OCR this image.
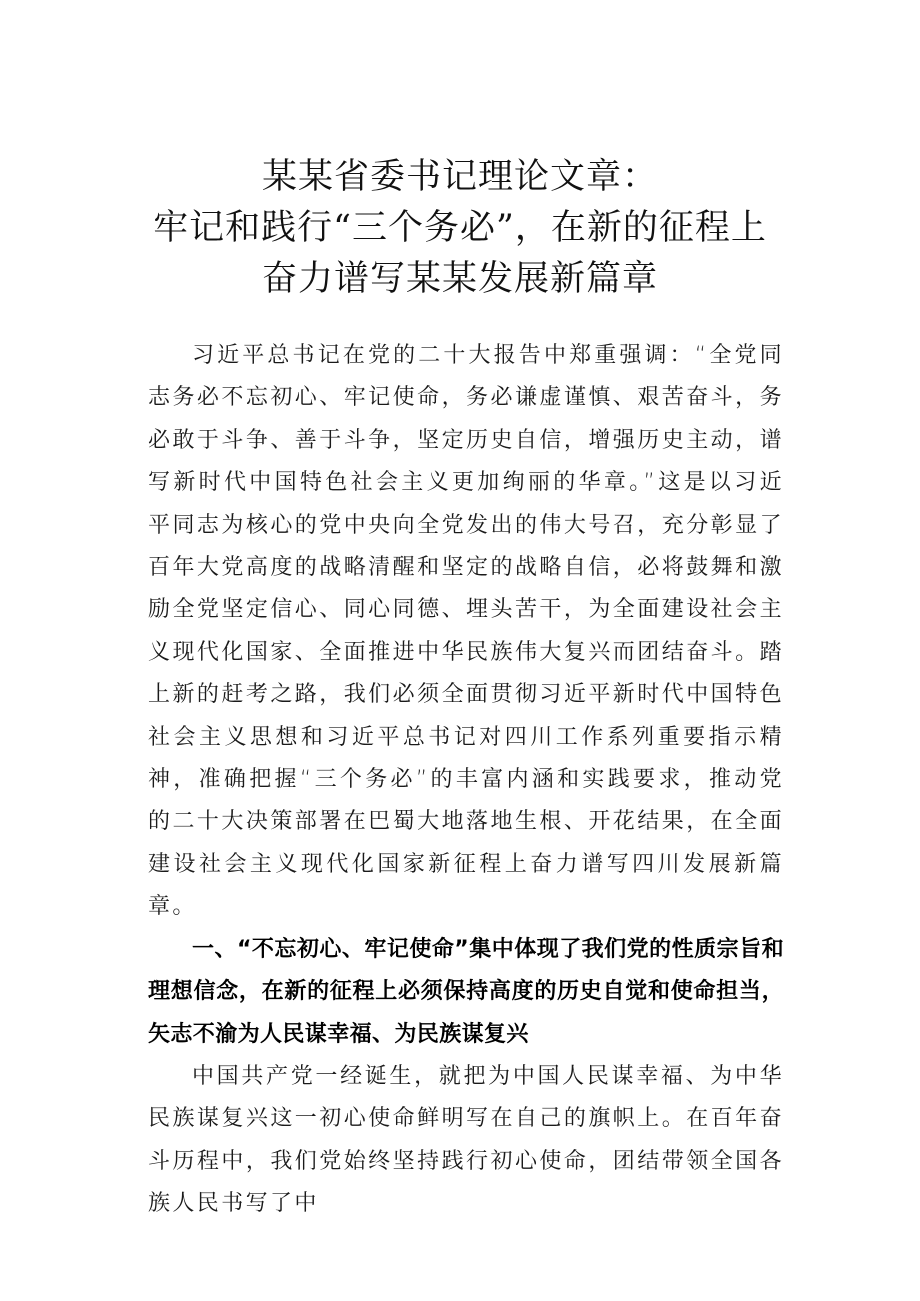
某某省委书记理论文章：
牢记和践行“三个务必”，在新的征程上
奋力谱写某某发展新篇章

习近平总书记在党的二十大报告中郑重强调：“全党同志务必不忘初心、牢记使命，务必谦虚谨慎、艰苦奋斗，务必敢于斗争、善于斗争，坚定历史自信，增强历史主动，谱写新时代中国特色社会主义更加绚丽的华章。”这是以习近平同志为核心的党中央向全党发出的伟大号召，充分彰显了百年大党高度的战略清醒和坚定的战略自信，必将鼓舞和激励全党坚定信心、同心同德、埋头苦干，为全面建设社会主义现代化国家、全面推进中华民族伟大复兴而团结奋斗。踏上新的赶考之路，我们必须全面贯彻习近平新时代中国特色社会主义思想和习近平总书记对四川工作系列重要指示精神，准确把握“三个务必”的丰富内涵和实践要求，推动党的二十大决策部署在巴蜀大地落地生根、开花结果，在全面建设社会主义现代化国家新征程上奋力谱写四川发展新篇章。

一、“不忘初心、牢记使命”集中体现了我们党的性质宗旨和理想信念，在新的征程上必须保持高度的历史自觉和使命担当，矢志不渝为人民谋幸福、为民族谋复兴

中国共产党一经诞生，就把为中国人民谋幸福、为中华民族谋复兴这一初心使命鲜明写在自己的旗帜上。在百年奋斗历程中，我们党始终坚持践行初心使命，团结带领全国各族人民书写了中
